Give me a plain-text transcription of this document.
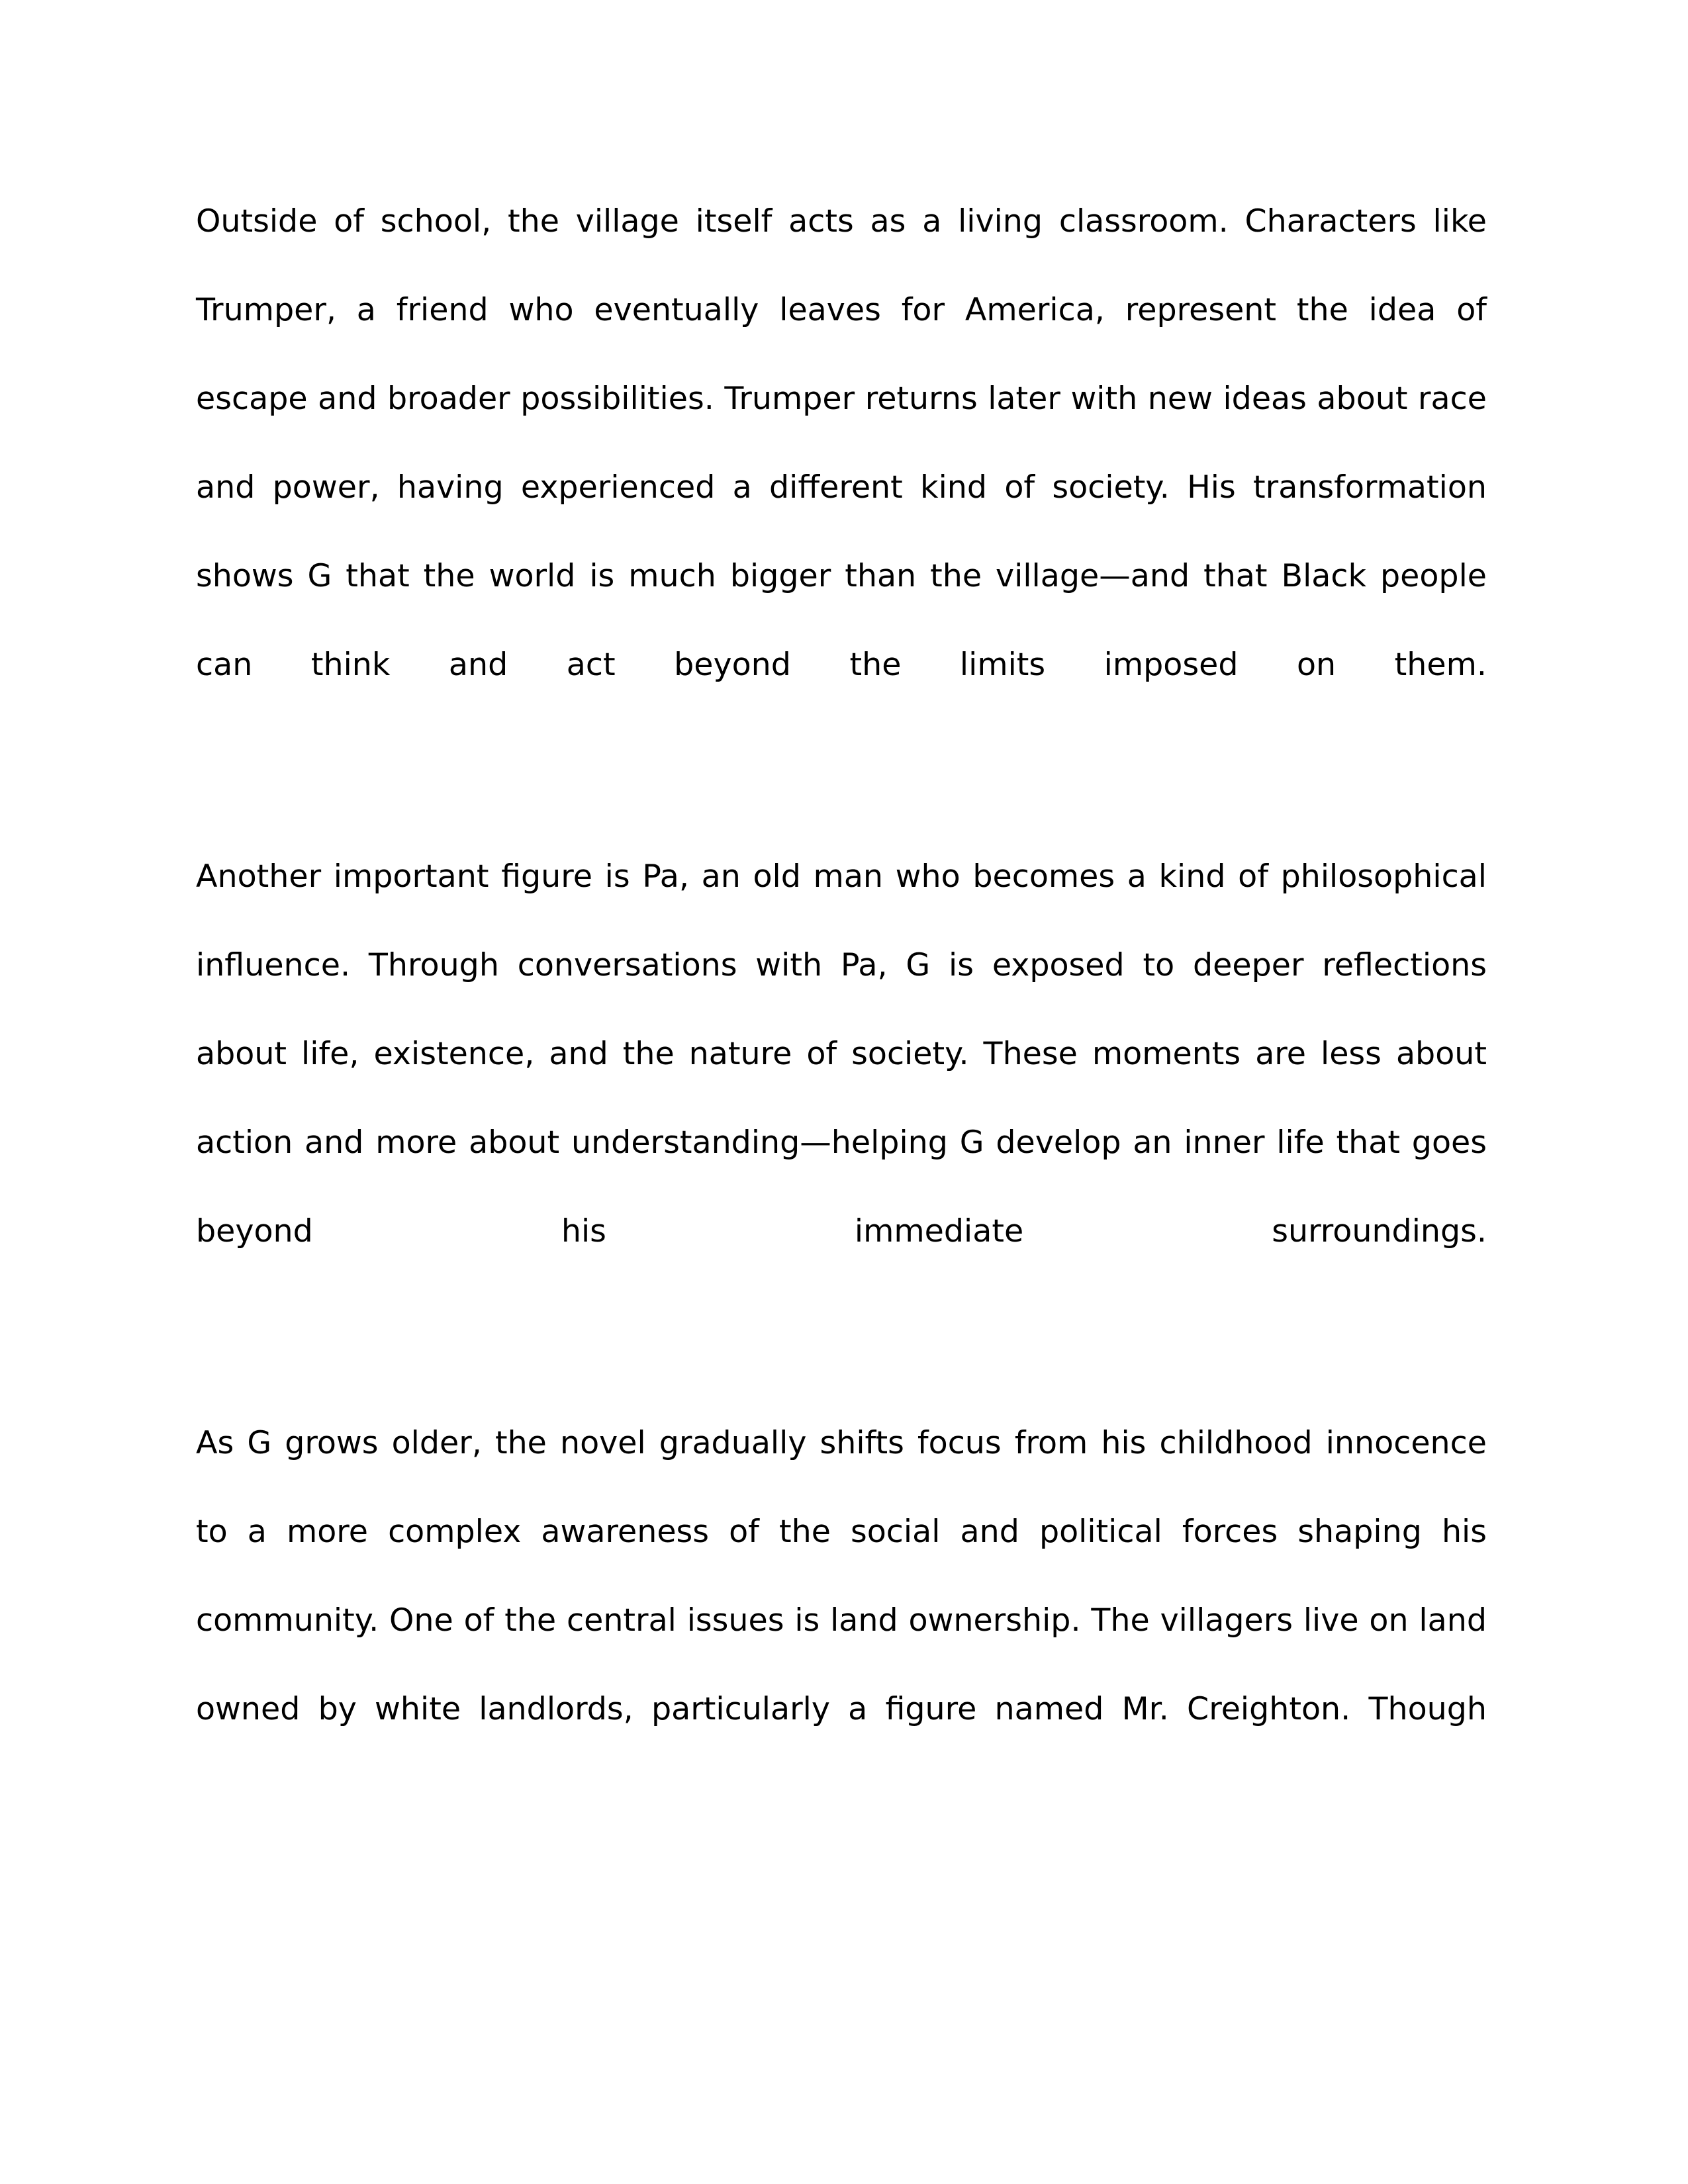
Outside of school, the village itself acts as a living classroom. Characters like Trumper, a friend who eventually leaves for America, represent the idea of escape and broader possibilities. Trumper returns later with new ideas about race and power, having experienced a different kind of society. His transformation shows G that the world is much bigger than the village—and that Black people can think and act beyond the limits imposed on them.

Another important figure is Pa, an old man who becomes a kind of philosophical influence. Through conversations with Pa, G is exposed to deeper reflections about life, existence, and the nature of society. These moments are less about action and more about understanding—helping G develop an inner life that goes beyond his immediate surroundings.

As G grows older, the novel gradually shifts focus from his childhood innocence to a more complex awareness of the social and political forces shaping his community. One of the central issues is land ownership. The villagers live on land owned by white landlords, particularly a figure named Mr. Creighton. Though
